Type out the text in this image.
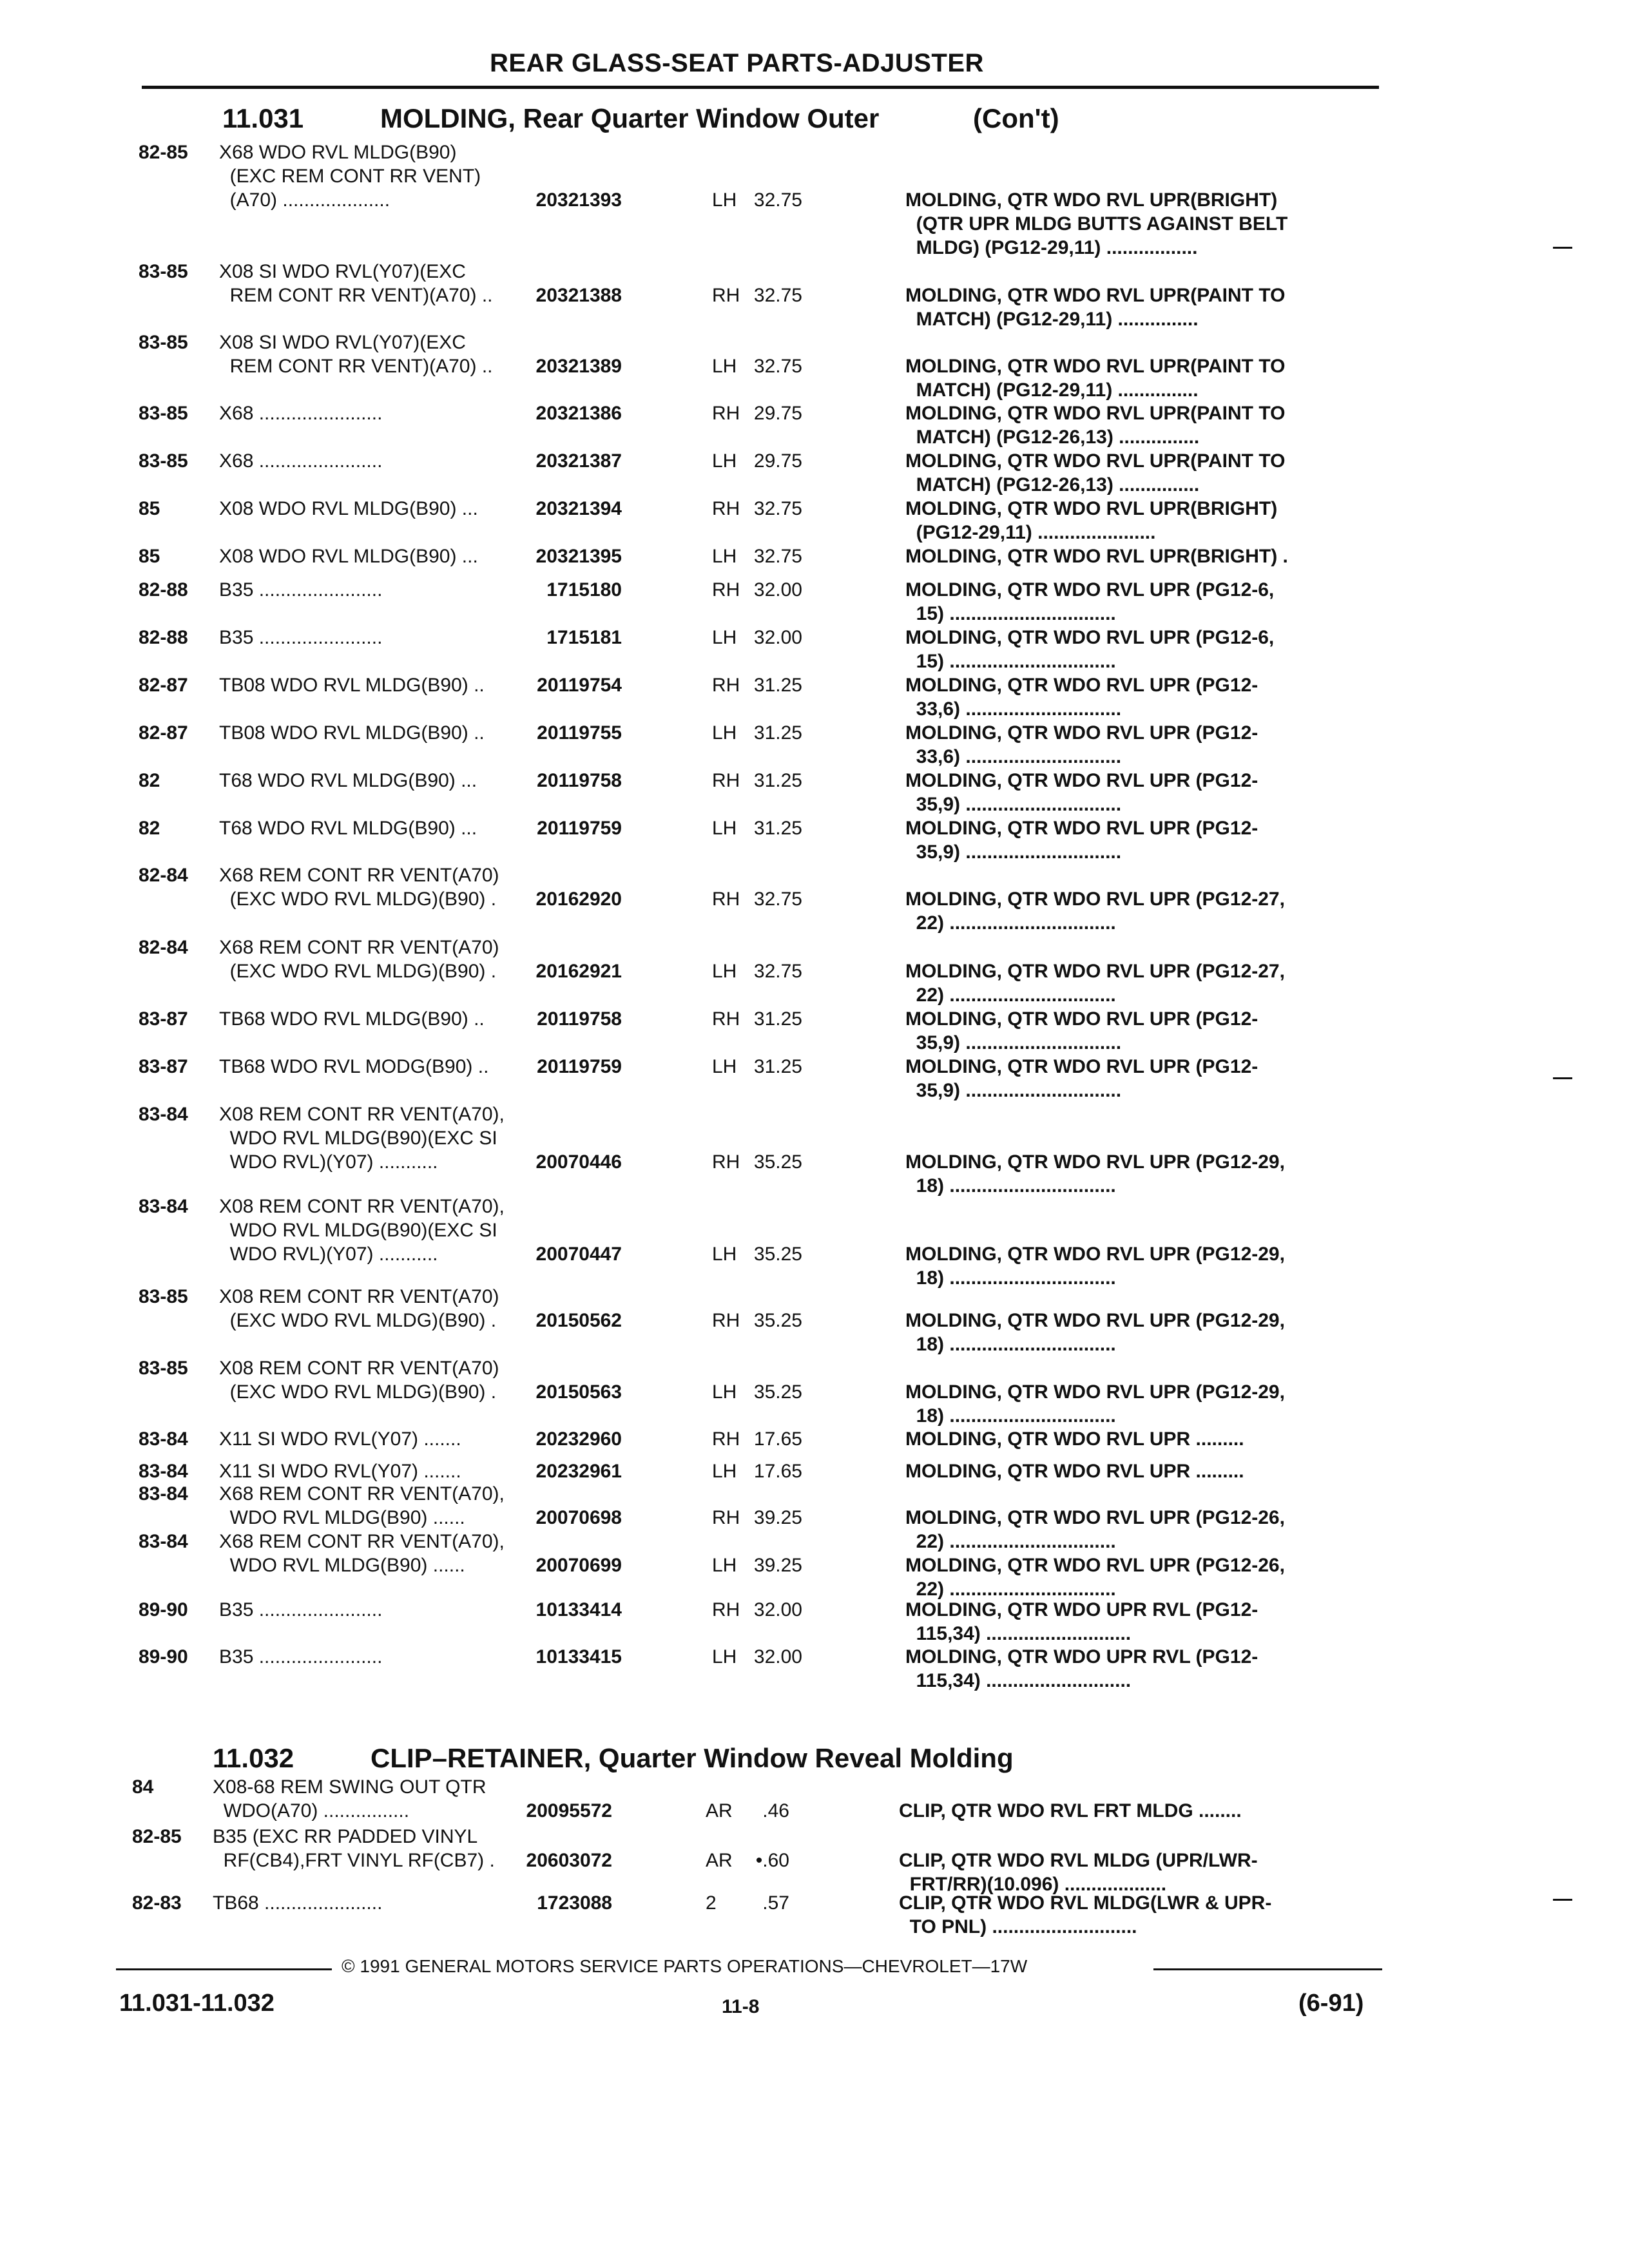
REAR GLASS-SEAT PARTS-ADJUSTER
11.031	MOLDING, Rear Quarter Window Outer	(Con't)
82-85 X68 WDO RVL MLDG(B90)
(EXC REM CONT RR VENT)
(A70) ....................	20321393	LH 32.75	MOLDING, QTR WDO RVL UPR(BRIGHT)
(QTR UPR MLDG BUTTS AGAINST BELT
MLDG) (PG12-29,11) .................
83-85 X08 SI WDO RVL(Y07)(EXC
REM CONT RR VENT)(A70) ..	20321388	RH 32.75	MOLDING, QTR WDO RVL UPR(PAINT TO
MATCH) (PG12-29,11) ...............
83-85 X08 SI WDO RVL(Y07)(EXC
REM CONT RR VENT)(A70) ..	20321389	LH 32.75	MOLDING, QTR WDO RVL UPR(PAINT TO
MATCH) (PG12-29,11) ...............
83-85 X68 .......................	20321386	RH 29.75	MOLDING, QTR WDO RVL UPR(PAINT TO
MATCH) (PG12-26,13) ...............
83-85 X68 .......................	20321387	LH 29.75	MOLDING, QTR WDO RVL UPR(PAINT TO
MATCH) (PG12-26,13) ...............
85	X08 WDO RVL MLDG(B90) ...	20321394	RH 32.75	MOLDING, QTR WDO RVL UPR(BRIGHT)
(PG12-29,11) ......................
85	X08 WDO RVL MLDG(B90) ...	20321395	LH 32.75	MOLDING, QTR WDO RVL UPR(BRIGHT) .
82-88 B35 .......................	1715180	RH 32.00	MOLDING, QTR WDO RVL UPR (PG12-6,
15) ...............................
82-88 B35 .......................	1715181	LH 32.00	MOLDING, QTR WDO RVL UPR (PG12-6,
15) ...............................
82-87 TB08 WDO RVL MLDG(B90) ..	20119754	RH 31.25	MOLDING, QTR WDO RVL UPR (PG12-
33,6) .............................
82-87 TB08 WDO RVL MLDG(B90) ..	20119755	LH 31.25	MOLDING, QTR WDO RVL UPR (PG12-
33,6) .............................
82	T68 WDO RVL MLDG(B90) ...	20119758	RH 31.25	MOLDING, QTR WDO RVL UPR (PG12-
35,9) .............................
82	T68 WDO RVL MLDG(B90) ...	20119759	LH 31.25	MOLDING, QTR WDO RVL UPR (PG12-
35,9) .............................
82-84 X68 REM CONT RR VENT(A70)
(EXC WDO RVL MLDG)(B90) .	20162920	RH 32.75	MOLDING, QTR WDO RVL UPR (PG12-27,
22) ...............................
82-84 X68 REM CONT RR VENT(A70)
(EXC WDO RVL MLDG)(B90) .	20162921	LH 32.75	MOLDING, QTR WDO RVL UPR (PG12-27,
22) ...............................
83-87 TB68 WDO RVL MLDG(B90) ..	20119758	RH 31.25	MOLDING, QTR WDO RVL UPR (PG12-
35,9) .............................
83-87 TB68 WDO RVL MODG(B90) ..	20119759	LH 31.25	MOLDING, QTR WDO RVL UPR (PG12-
35,9) .............................
83-84 X08 REM CONT RR VENT(A70),
WDO RVL MLDG(B90)(EXC SI
WDO RVL)(Y07) ...........	20070446	RH 35.25	MOLDING, QTR WDO RVL UPR (PG12-29,
18) ...............................
83-84 X08 REM CONT RR VENT(A70),
WDO RVL MLDG(B90)(EXC SI
WDO RVL)(Y07) ...........	20070447	LH 35.25	MOLDING, QTR WDO RVL UPR (PG12-29,
18) ...............................
83-85 X08 REM CONT RR VENT(A70)
(EXC WDO RVL MLDG)(B90) .	20150562	RH 35.25	MOLDING, QTR WDO RVL UPR (PG12-29,
18) ...............................
83-85 X08 REM CONT RR VENT(A70)
(EXC WDO RVL MLDG)(B90) .	20150563	LH 35.25	MOLDING, QTR WDO RVL UPR (PG12-29,
18) ...............................
83-84 X11 SI WDO RVL(Y07) .......	20232960	RH 17.65	MOLDING, QTR WDO RVL UPR .........
83-84 X11 SI WDO RVL(Y07) .......	20232961	LH 17.65	MOLDING, QTR WDO RVL UPR .........
83-84 X68 REM CONT RR VENT(A70),
WDO RVL MLDG(B90) ......	20070698	RH 39.25	MOLDING, QTR WDO RVL UPR (PG12-26,
22) ...............................
83-84 X68 REM CONT RR VENT(A70),
WDO RVL MLDG(B90) ......	20070699	LH 39.25	MOLDING, QTR WDO RVL UPR (PG12-26,
22) ...............................
89-90 B35 .......................	10133414	RH 32.00	MOLDING, QTR WDO UPR RVL (PG12-
115,34) ...........................
89-90 B35 .......................	10133415	LH 32.00	MOLDING, QTR WDO UPR RVL (PG12-
115,34) ...........................
11.032	CLIP–RETAINER, Quarter Window Reveal Molding
84	X08-68 REM SWING OUT QTR
WDO(A70) ................	20095572	AR	.46	CLIP, QTR WDO RVL FRT MLDG ........
82-85 B35 (EXC RR PADDED VINYL
RF(CB4),FRT VINYL RF(CB7) .	20603072	AR	•.60	CLIP, QTR WDO RVL MLDG (UPR/LWR-
FRT/RR)(10.096) ...................
82-83 TB68 ......................	1723088	2	.57	CLIP, QTR WDO RVL MLDG(LWR & UPR-
TO PNL) ...........................
© 1991 GENERAL MOTORS SERVICE PARTS OPERATIONS—CHEVROLET—17W
11.031-11.032	11-8	(6-91)
